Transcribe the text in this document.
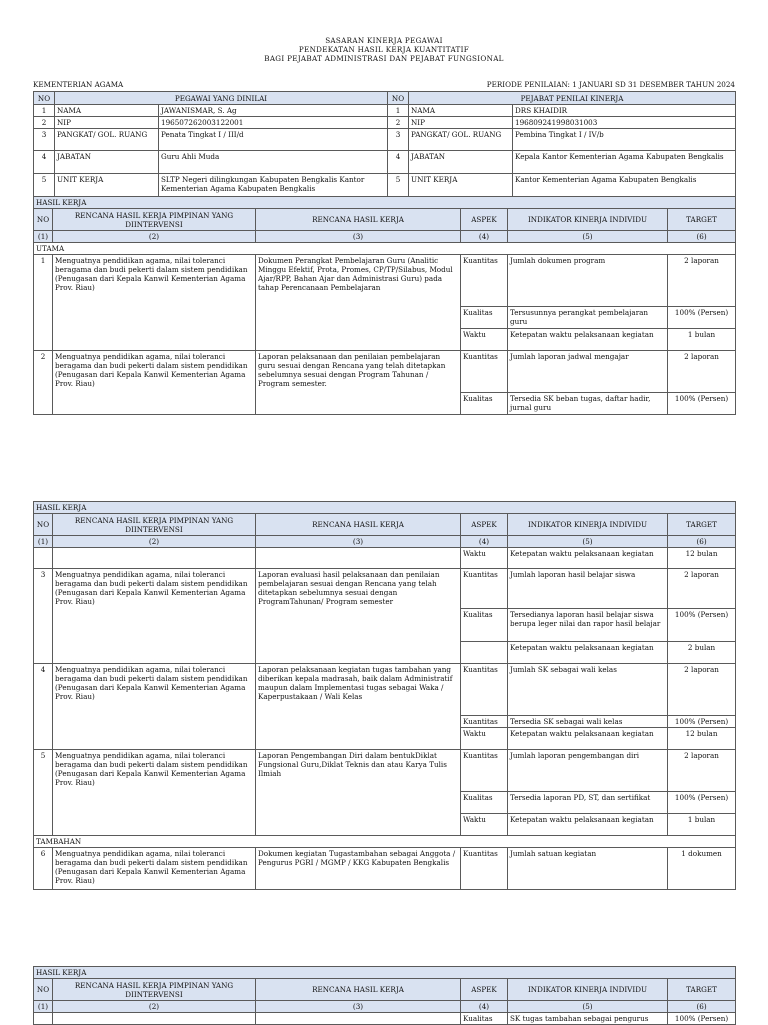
SASARAN KINERJA PEGAWAI
PENDEKATAN HASIL KERJA KUANTITATIF
BAGI PEJABAT ADMINISTRASI DAN PEJABAT FUNGSIONAL
KEMENTERIAN AGAMA	PERIODE PENILAIAN: 1 JANUARI SD 31 DESEMBER TAHUN 2024
NO	PEGAWAI YANG DINILAI		NO	PEJABAT PENILAI KINERJA	
1	NAMA	JAWANISMAR, S. Ag	1	NAMA	DRS KHAIDIR
2	NIP	196507262003122001	2	NIP	196809241998031003
3	PANGKAT/ GOL. RUANG	Penata Tingkat I / III/d	3	PANGKAT/ GOL. RUANG	Pembina Tingkat I / IV/b
4	JABATAN	Guru Ahli Muda	4	JABATAN	Kepala Kantor Kementerian Agama Kabupaten Bengkalis
5	UNIT KERJA	SLTP Negeri dilingkungan Kabupaten Bengkalis Kantor Kementerian Agama Kabupaten Bengkalis	5	UNIT KERJA	Kantor Kementerian Agama Kabupaten Bengkalis
HASIL KERJA					
NO	RENCANA HASIL KERJA PIMPINAN YANG DIINTERVENSI	RENCANA HASIL KERJA	ASPEK	INDIKATOR KINERJA INDIVIDU	TARGET
(1)	(2)	(3)	(4)	(5)	(6)
UTAMA					
1	Menguatnya pendidikan agama, nilai toleranci beragama dan budi pekerti dalam sistem pendidikan (Penugasan dari Kepala Kanwil Kementerian Agama Prov. Riau)	Dokumen Perangkat Pembelajaran Guru (Analitic Minggu Efektif, Prota, Promes, CP/TP/Silabus, Modul Ajar/RPP, Bahan Ajar dan Administrasi Guru) pada tahap Perencanaan Pembelajaran	Kuantitas	Jumlah dokumen program	2 laporan
			Kualitas	Tersusunnya perangkat pembelajaran guru	100% (Persen)
			Waktu	Ketepatan waktu pelaksanaan kegiatan	1 bulan
2	Menguatnya pendidikan agama, nilai toleranci beragama dan budi pekerti dalam sistem pendidikan (Penugasan dari Kepala Kanwil Kementerian Agama Prov. Riau)	Laporan pelaksanaan dan penilaian pembelajaran guru sesuai dengan Rencana yang telah ditetapkan sebelumnya sesuai dengan Program Tahunan / Program semester.	Kuantitas	Jumlah laporan jadwal mengajar	2 laporan
			Kualitas	Tersedia SK beban tugas, daftar hadir, jurnal guru	100% (Persen)
HASIL KERJA					
NO	RENCANA HASIL KERJA PIMPINAN YANG DIINTERVENSI	RENCANA HASIL KERJA	ASPEK	INDIKATOR KINERJA INDIVIDU	TARGET
(1)	(2)	(3)	(4)	(5)	(6)
			Waktu	Ketepatan waktu pelaksanaan kegiatan	12 bulan
3	Menguatnya pendidikan agama, nilai toleranci beragama dan budi pekerti dalam sistem pendidikan (Penugasan dari Kepala Kanwil Kementerian Agama Prov. Riau)	Laporan evaluasi hasil pelaksanaan dan penilaian pembelajaran sesuai dengan Rencana yang telah ditetapkan sebelumnya sesuai dengan ProgramTahunan/ Program semester	Kuantitas	Jumlah laporan hasil belajar siswa	2 laporan
			Kualitas	Tersedianya laporan hasil belajar siswa berupa leger nilai dan rapor hasil belajar	100% (Persen)
				Ketepatan waktu pelaksanaan kegiatan	2 bulan
4	Menguatnya pendidikan agama, nilai toleranci beragama dan budi pekerti dalam sistem pendidikan (Penugasan dari Kepala Kanwil Kementerian Agama Prov. Riau)	Laporan pelaksanaan kegiatan tugas tambahan yang diberikan kepala madrasah, baik dalam Administratif maupun dalam Implementasi tugas sebagai Waka / Kaperpustakaan / Wali Kelas	Kuantitas	Jumlah SK sebagai wali kelas	2 laporan
			Kuantitas	Tersedia SK sebagai wali kelas	100% (Persen)
			Waktu	Ketepatan waktu pelaksanaan kegiatan	12 bulan
5	Menguatnya pendidikan agama, nilai toleranci beragama dan budi pekerti dalam sistem pendidikan (Penugasan dari Kepala Kanwil Kementerian Agama Prov. Riau)	Laporan Pengembangan Diri dalam bentukDiklat Fungsional Guru,Diklat Teknis dan atau Karya Tulis Ilmiah	Kuantitas	Jumlah laporan pengembangan diri	2 laporan
			Kualitas	Tersedia laporan PD, ST, dan sertifikat	100% (Persen)
			Waktu	Ketepatan waktu pelaksanaan kegiatan	1 bulan
TAMBAHAN					
6	Menguatnya pendidikan agama, nilai toleranci beragama dan budi pekerti dalam sistem pendidikan (Penugasan dari Kepala Kanwil Kementerian Agama Prov. Riau)	Dokumen kegiatan Tugastambahan sebagai Anggota / Pengurus PGRI / MGMP / KKG Kabupaten Bengkalis	Kuantitas	Jumlah satuan kegiatan	1 dokumen
HASIL KERJA					
NO	RENCANA HASIL KERJA PIMPINAN YANG DIINTERVENSI	RENCANA HASIL KERJA	ASPEK	INDIKATOR KINERJA INDIVIDU	TARGET
(1)	(2)	(3)	(4)	(5)	(6)
			Kualitas	SK tugas tambahan sebagai pengurus	100% (Persen)
